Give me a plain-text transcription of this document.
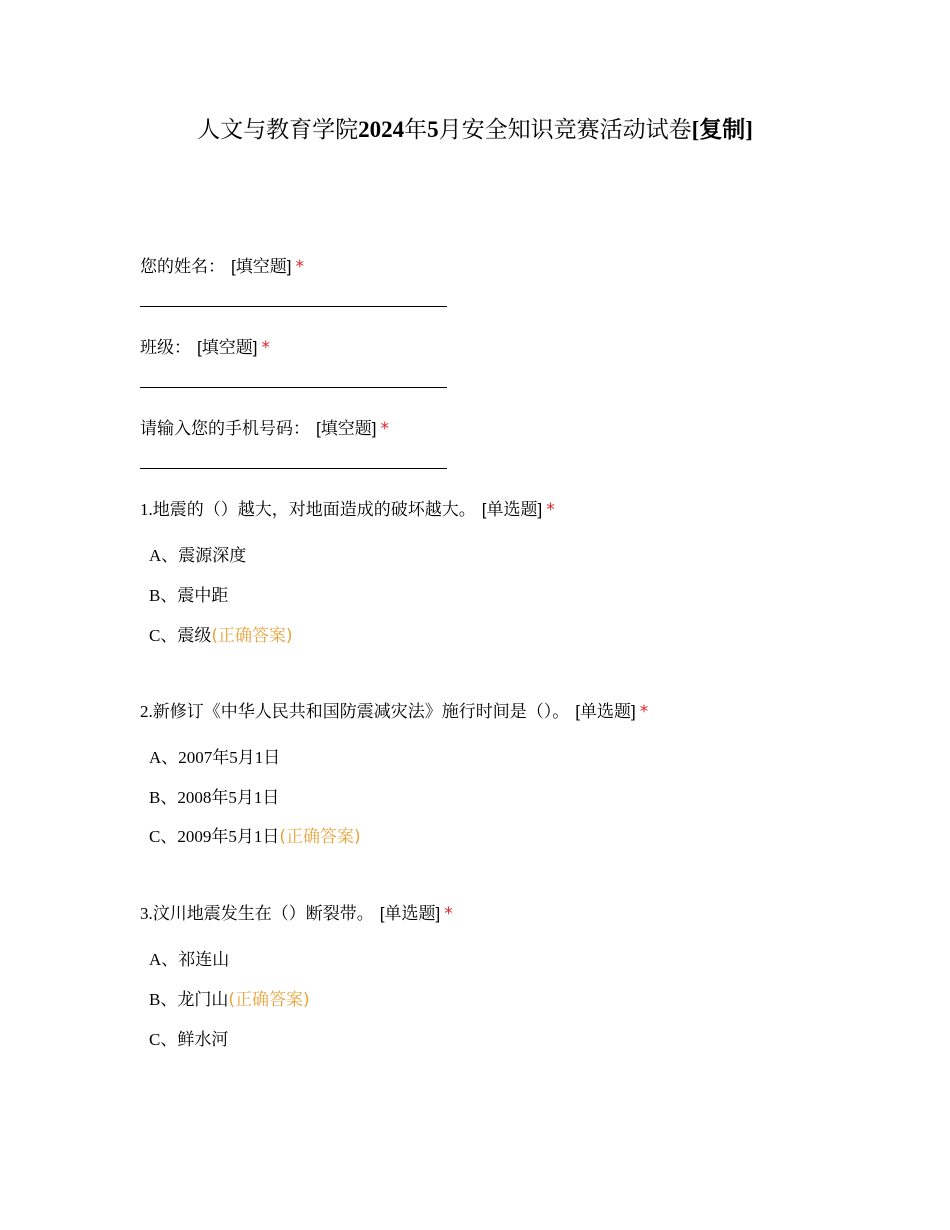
人文与教育学院2024年5月安全知识竞赛活动试卷[复制]
您的姓名： [填空题] *
班级： [填空题] *
请输入您的手机号码： [填空题] *
1.地震的（）越大，对地面造成的破坏越大。 [单选题] *
A、震源深度
B、震中距
C、震级(正确答案)
2.新修订《中华人民共和国防震减灾法》施行时间是（）。 [单选题] *
A、2007年5月1日
B、2008年5月1日
C、2009年5月1日(正确答案)
3.汶川地震发生在（）断裂带。 [单选题] *
A、祁连山
B、龙门山(正确答案)
C、鲜水河
